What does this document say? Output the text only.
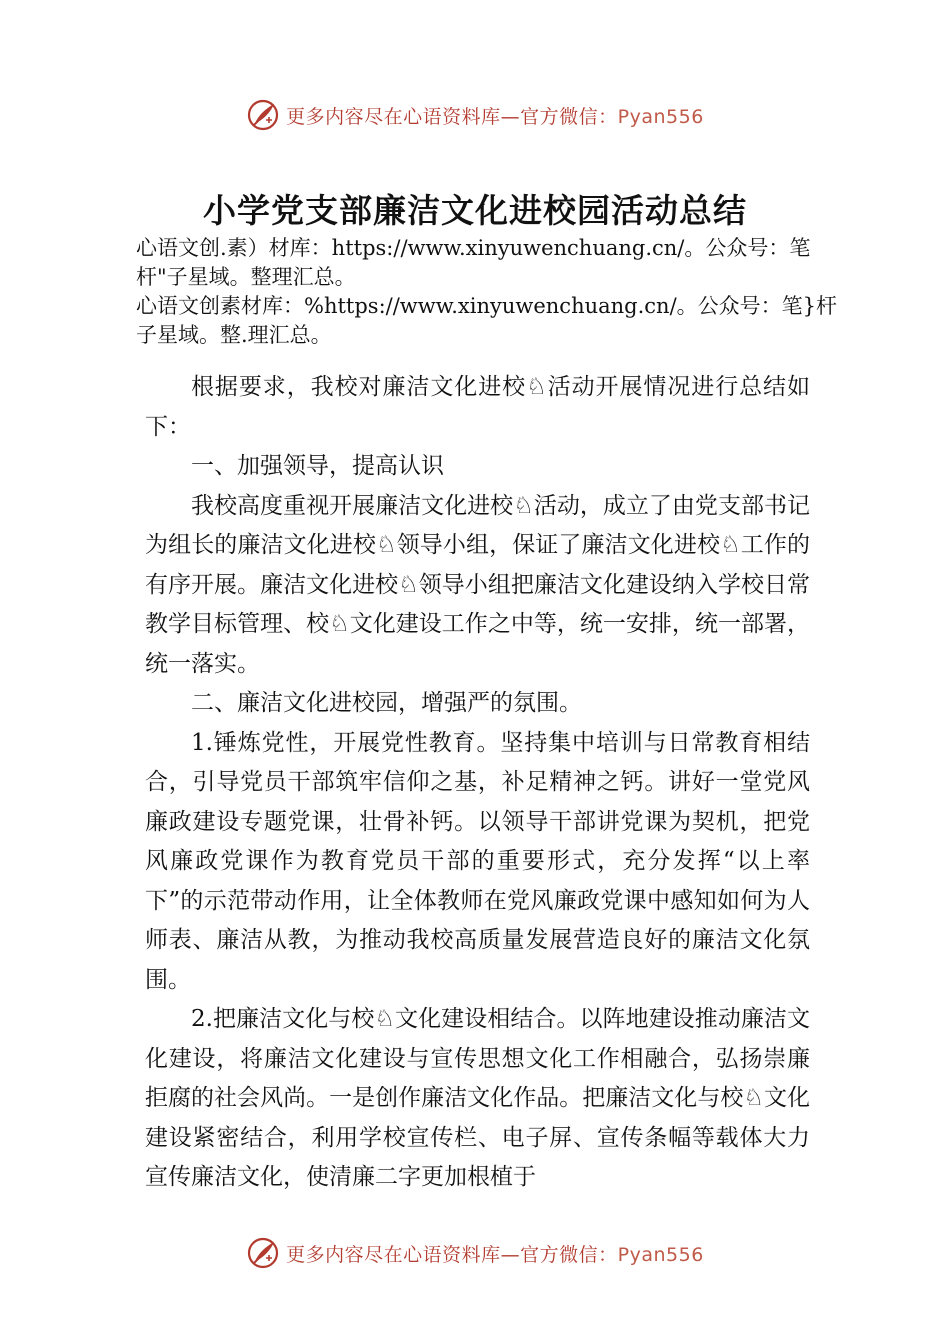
更多内容尽在心语资料库—官方微信：Pyan556
小学党支部廉洁文化进校园活动总结
心语文创.素）材库：https://www.xinyuwenchuang.cn/。公众号：笔杆"子星域。整理汇总。
心语文创素材库：%https://www.xinyuwenchuang.cn/。公众号：笔}杆子星域。整.理汇总。

根据要求，我校对廉洁文化进校♘活动开展情况进行总结如下：

一、加强领导，提高认识

我校高度重视开展廉洁文化进校♘活动，成立了由党支部书记为组长的廉洁文化进校♘领导小组，保证了廉洁文化进校♘工作的有序开展。廉洁文化进校♘领导小组把廉洁文化建设纳入学校日常教学目标管理、校♘文化建设工作之中等，统一安排，统一部署，统一落实。

二、廉洁文化进校园，增强严的氛围。

1.锤炼党性，开展党性教育。坚持集中培训与日常教育相结合，引导党员干部筑牢信仰之基，补足精神之钙。讲好一堂党风廉政建设专题党课，壮骨补钙。以领导干部讲党课为契机，把党风廉政党课作为教育党员干部的重要形式，充分发挥“以上率下”的示范带动作用，让全体教师在党风廉政党课中感知如何为人师表、廉洁从教，为推动我校高质量发展营造良好的廉洁文化氛围。

2.把廉洁文化与校♘文化建设相结合。以阵地建设推动廉洁文化建设，将廉洁文化建设与宣传思想文化工作相融合，弘扬崇廉拒腐的社会风尚。一是创作廉洁文化作品。把廉洁文化与校♘文化建设紧密结合，利用学校宣传栏、电子屏、宣传条幅等载体大力宣传廉洁文化，使清廉二字更加根植于

更多内容尽在心语资料库—官方微信：Pyan556
